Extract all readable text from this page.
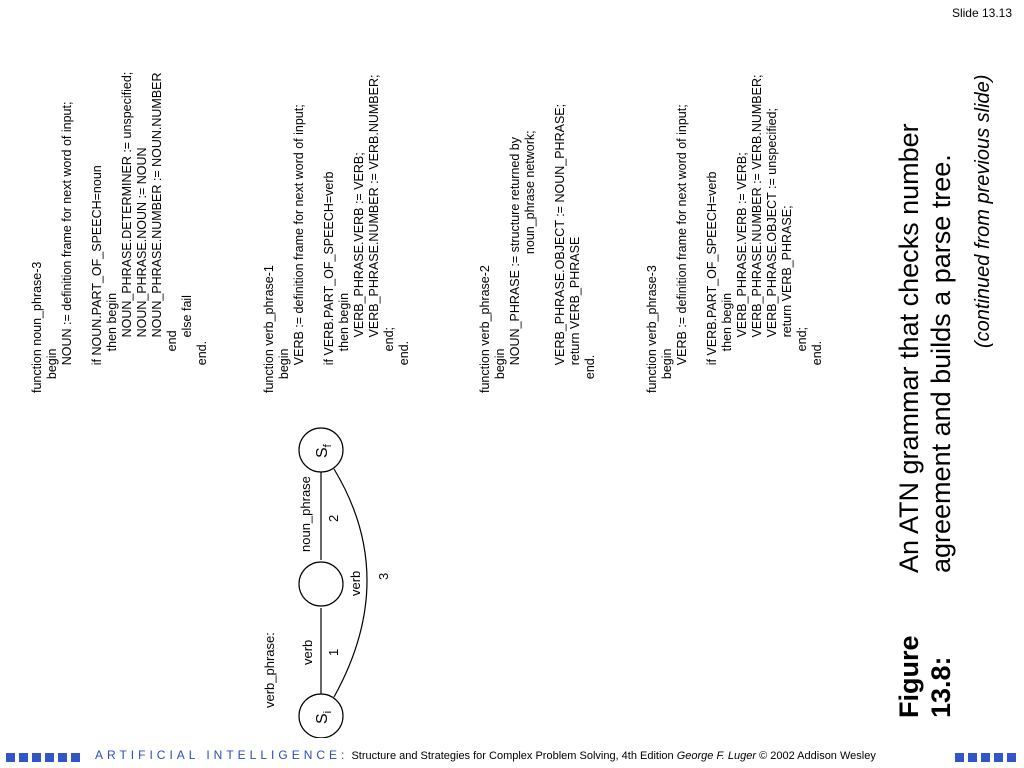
Slide 13.13
verb_phrase:
$S_i$
$S_f$
verb 1
noun_phrase 2
verb 3
function noun_phrase-3 begin NOUN := definition frame for next word of input; if NOUN.PART_OF_SPEECH=noun then begin NOUN_PHRASE.DETERMINER := unspecified; NOUN_PHRASE.NOUN := NOUN NOUN_PHRASE.NUMBER := NOUN.NUMBER end else fail end.	function verb_phrase-1 begin VERB := definition frame for next word of input; if VERB.PART_OF_SPEECH=verb then begin VERB_PHRASE.VERB := VERB; VERB_PHRASE.NUMBER := VERB.NUMBER; end; end.	function verb_phrase-2 begin NOUN_PHRASE := structure returned by noun_phrase network; VERB_PHRASE.OBJECT := NOUN_PHRASE; return VERB_PHRASE end.	function verb_phrase-3 begin VERB := definition frame for next word of input; if VERB.PART_OF_SPEECH=verb then begin VERB_PHRASE.VERB := VERB; VERB_PHRASE.NUMBER := VERB.NUMBER; VERB_PHRASE.OBJECT := unspecified; return VERB_PHRASE; end; end.
Figure 13.8:An ATN grammar that checks number agreement and builds a parse tree. (continued from previous slide)
ARTIFICIAL INTELLIGENCE: Structure and Strategies for Complex Problem Solving, 4th Edition George F. Luger © 2002 Addison Wesley
